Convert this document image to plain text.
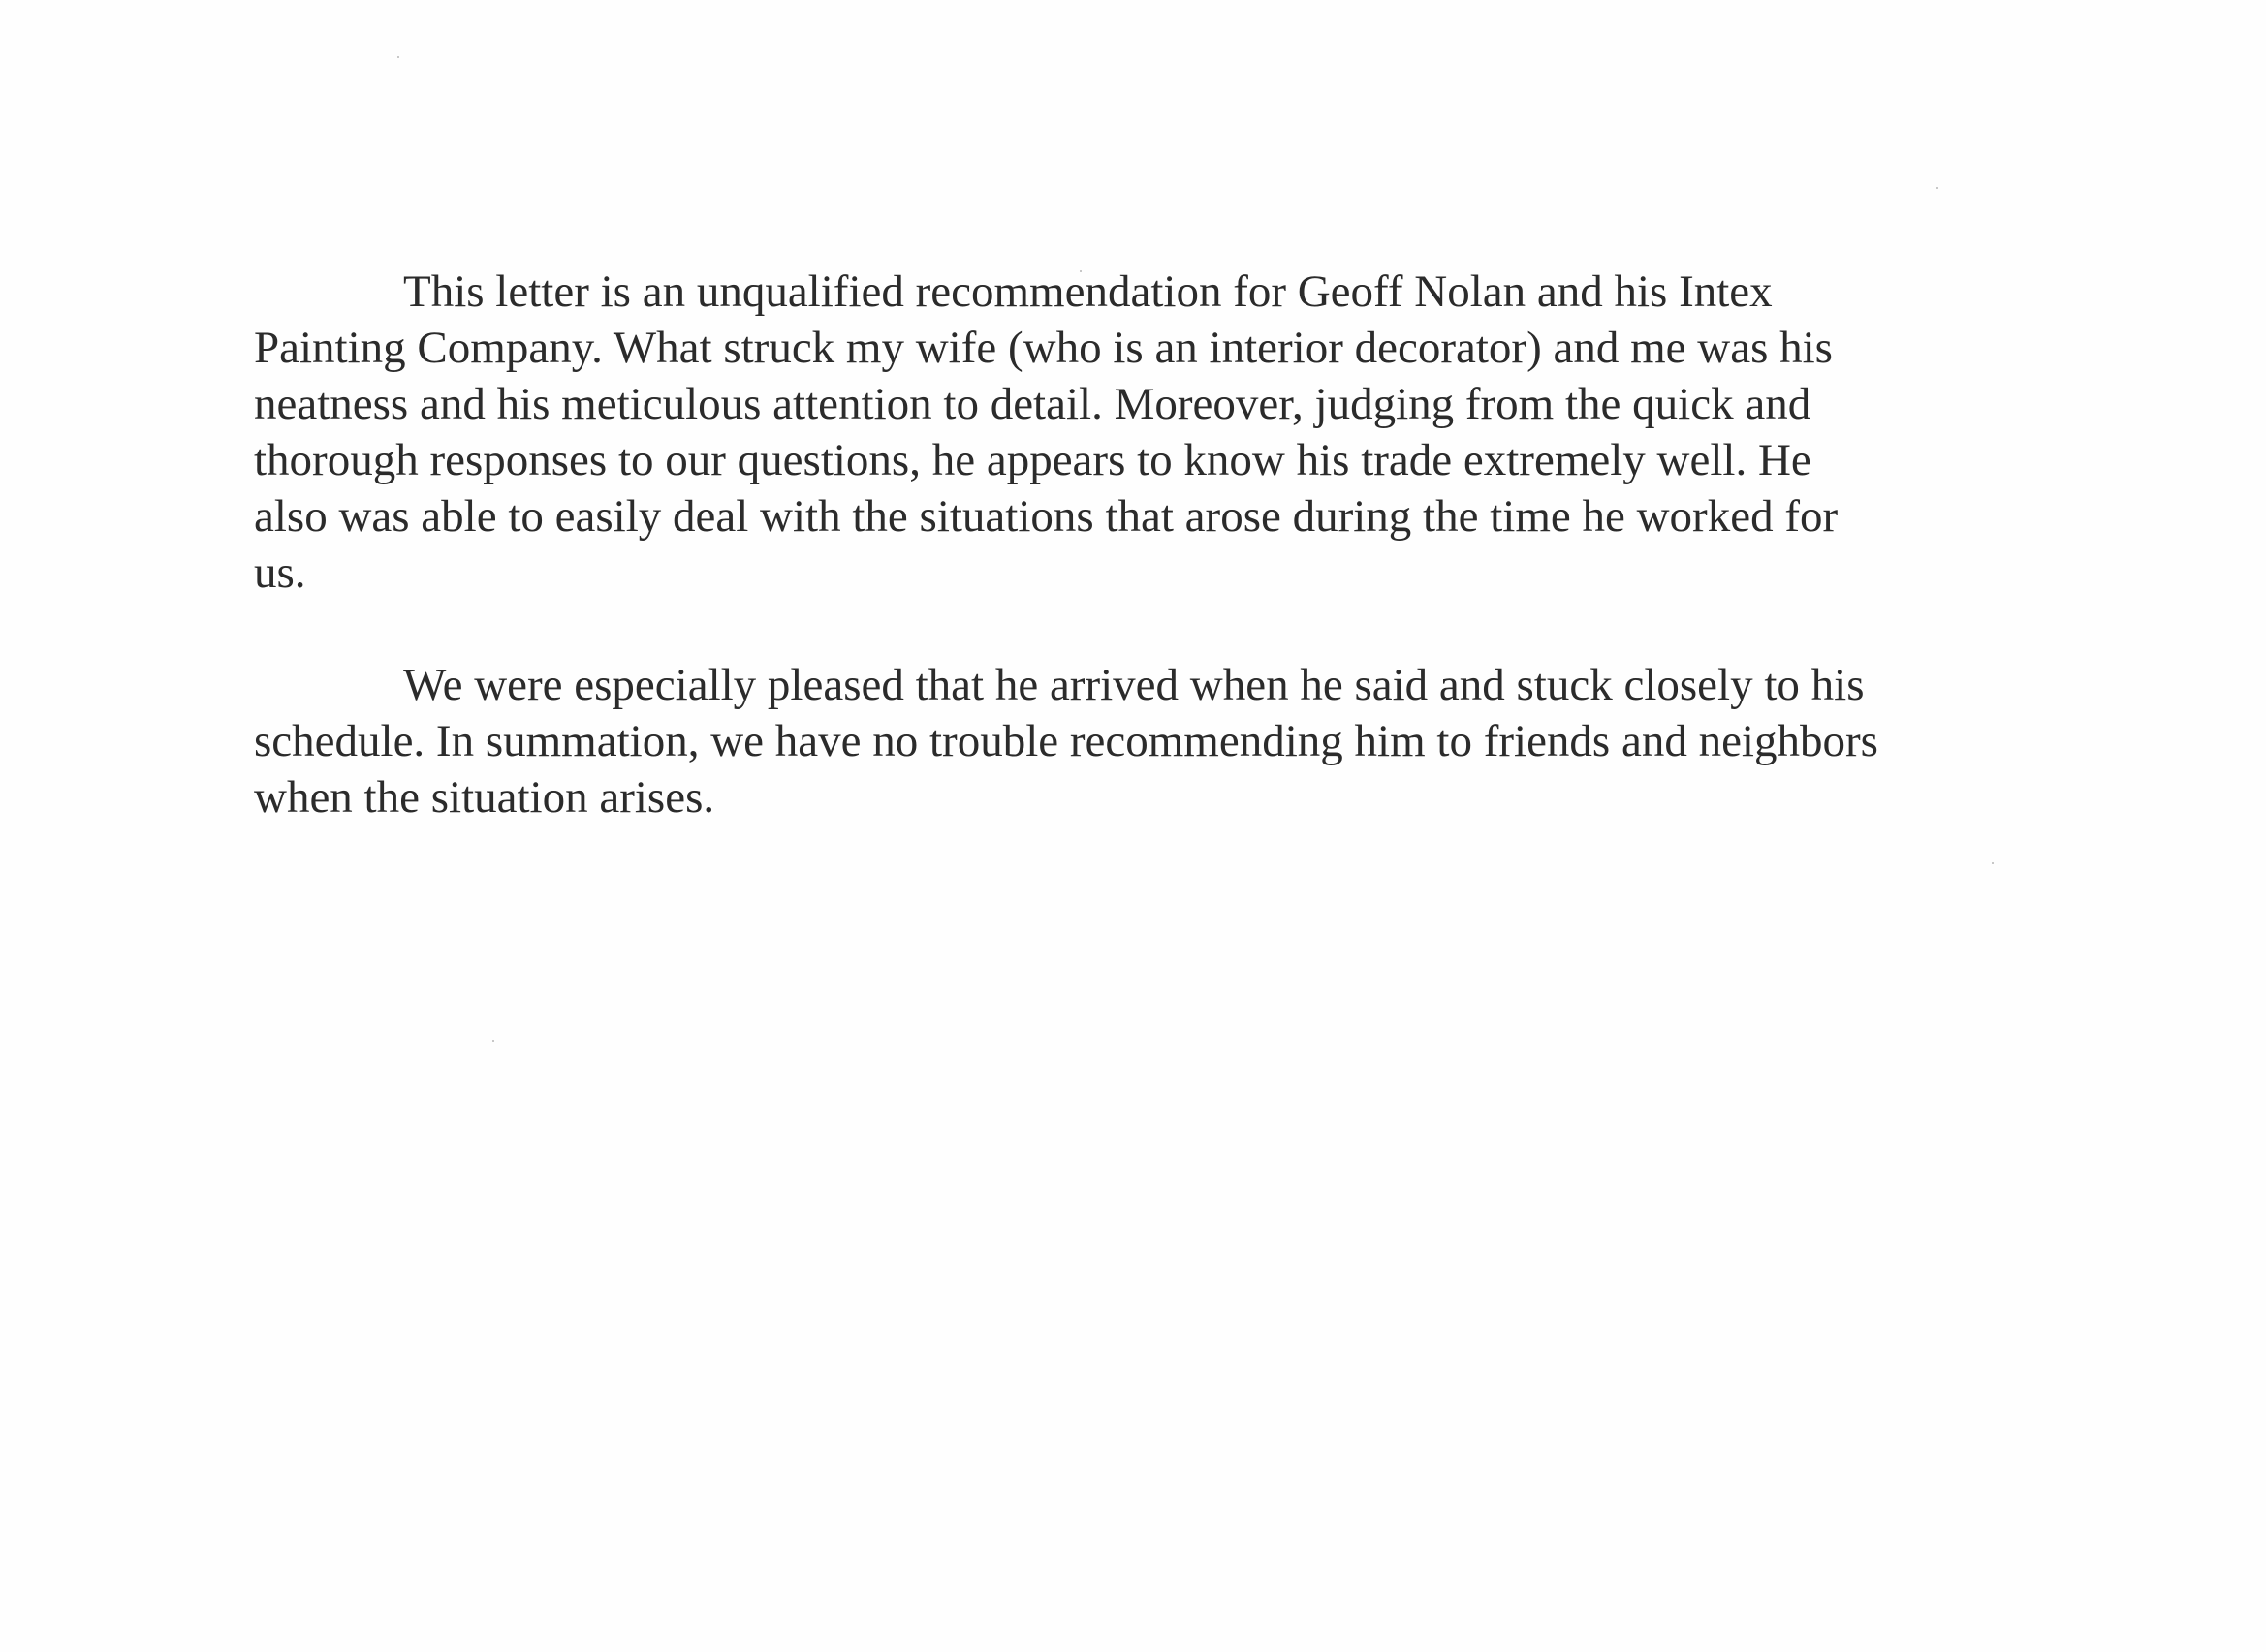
This letter is an unqualified recommendation for Geoff Nolan and his Intex
Painting Company. What struck my wife (who is an interior decorator) and me was his
neatness and his meticulous attention to detail. Moreover, judging from the quick and
thorough responses to our questions, he appears to know his trade extremely well. He
also was able to easily deal with the situations that arose during the time he worked for
us.
We were especially pleased that he arrived when he said and stuck closely to his
schedule. In summation, we have no trouble recommending him to friends and neighbors
when the situation arises.
